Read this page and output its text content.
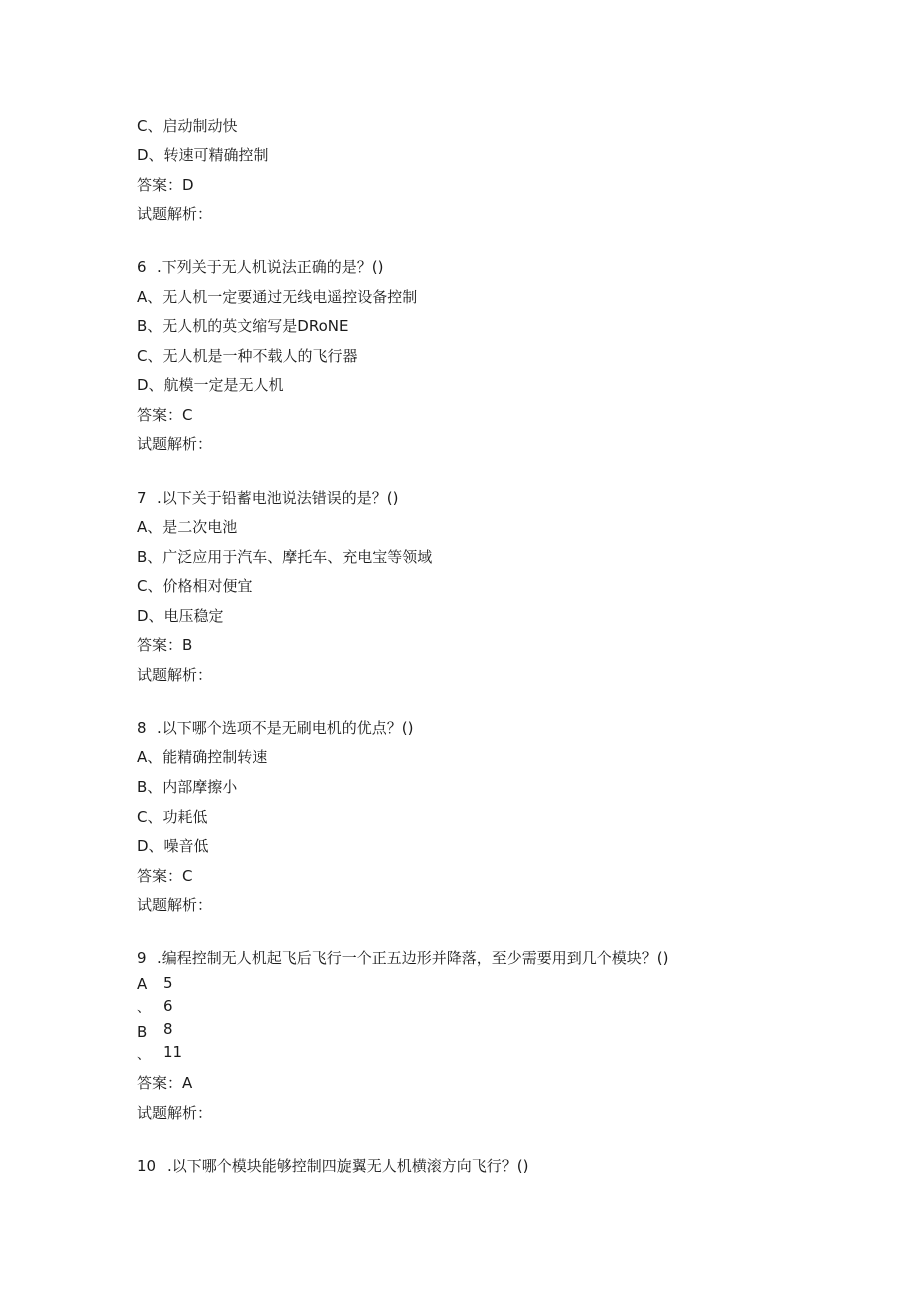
C、启动制动快
D、转速可精确控制
答案：D
试题解析：
6 .下列关于无人机说法正确的是？()
A、无人机一定要通过无线电遥控设备控制
B、无人机的英文缩写是DRoNE
C、无人机是一种不载人的飞行器
D、航模一定是无人机
答案：C
试题解析：
7 .以下关于铅蓄电池说法错误的是？()
A、是二次电池
B、广泛应用于汽车、摩托车、充电宝等领域
C、价格相对便宜
D、电压稳定
答案：B
试题解析：
8 .以下哪个选项不是无刷电机的优点？()
A、能精确控制转速
B、内部摩擦小
C、功耗低
D、噪音低
答案：C
试题解析：
9 .编程控制无人机起飞后飞行一个正五边形并降落，至少需要用到几个模块？()
A
、
B
、
5
6
8
11
答案：A
试题解析：
10 .以下哪个模块能够控制四旋翼无人机横滚方向飞行？()
